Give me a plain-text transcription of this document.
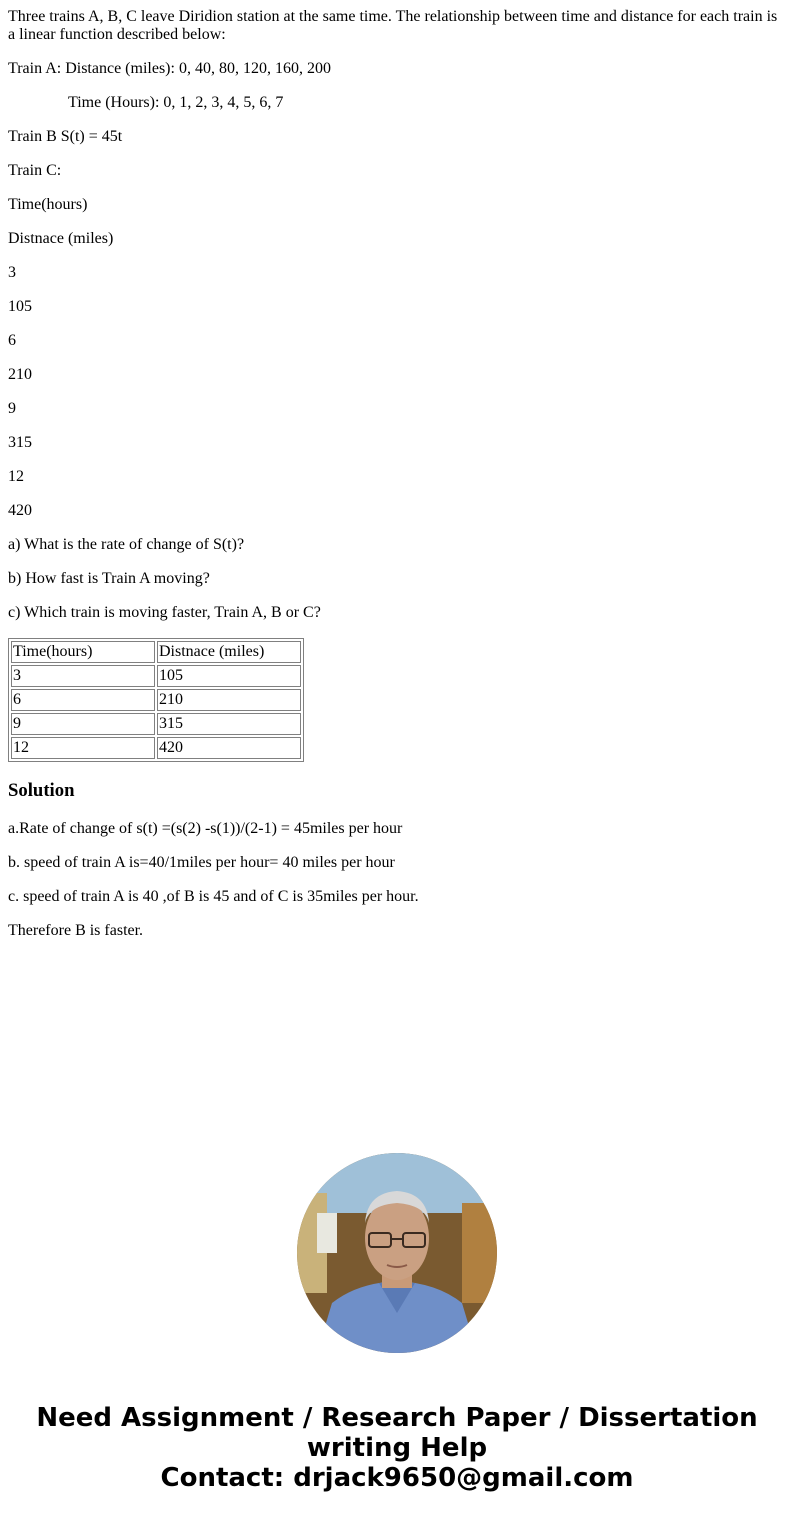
Three trains A, B, C leave Diridion station at the same time. The relationship between time and distance for each train is a linear function described below:

Train A: Distance (miles): 0, 40, 80, 120, 160, 200

Time (Hours): 0, 1, 2, 3, 4, 5, 6, 7

Train B S(t) = 45t

Train C:

Time(hours)

Distnace (miles)

3

105

6

210

9

315

12

420

a) What is the rate of change of S(t)?

b) How fast is Train A moving?

c) Which train is moving faster, Train A, B or C?

Time(hours)	Distnace (miles)
3	105
6	210
9	315
12	420
Solution

a.Rate of change of s(t) =(s(2) -s(1))/(2-1) = 45miles per hour

b. speed of train A is=40/1miles per hour= 40 miles per hour

c. speed of train A is 40 ,of B is 45 and of C is 35miles per hour.

Therefore B is faster.

Need Assignment / Research Paper / Dissertation
writing Help
Contact: drjack9650@gmail.com
